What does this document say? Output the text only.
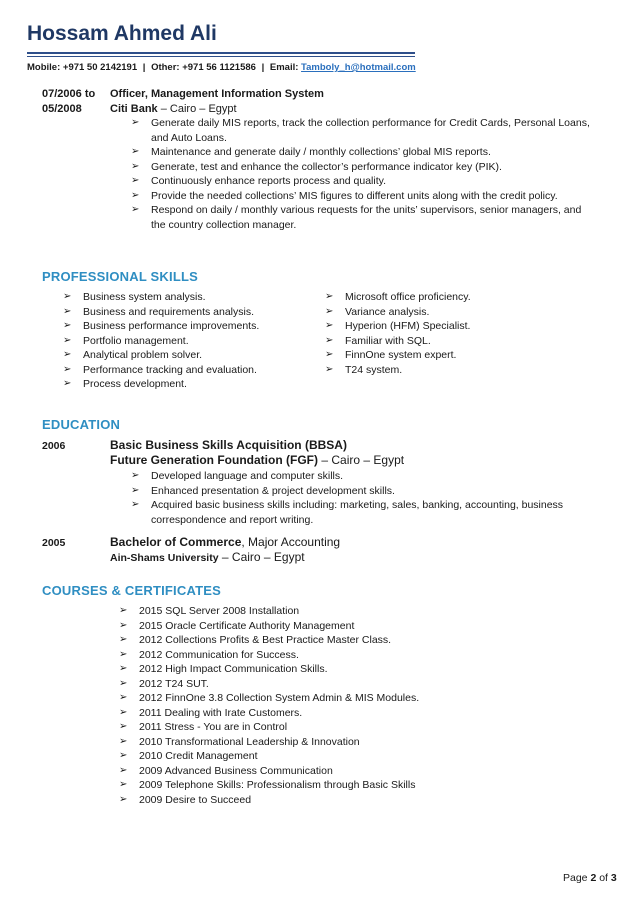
Hossam Ahmed Ali
Mobile: +971 50 2142191 | Other: +971 56 1121586 | Email: Tamboly_h@hotmail.com
07/2006 to
05/2008
Officer, Management Information System
Citi Bank – Cairo – Egypt
➢ Generate daily MIS reports, track the collection performance for Credit Cards, Personal Loans, and Auto Loans.
➢ Maintenance and generate daily / monthly collections’ global MIS reports.
➢ Generate, test and enhance the collector’s performance indicator key (PIK).
➢ Continuously enhance reports process and quality.
➢ Provide the needed collections’ MIS figures to different units along with the credit policy.
➢ Respond on daily / monthly various requests for the units’ supervisors, senior managers, and the country collection manager.
PROFESSIONAL SKILLS
➢ Business system analysis.
➢ Business and requirements analysis.
➢ Business performance improvements.
➢ Portfolio management.
➢ Analytical problem solver.
➢ Performance tracking and evaluation.
➢ Process development.
➢ Microsoft office proficiency.
➢ Variance analysis.
➢ Hyperion (HFM) Specialist.
➢ Familiar with SQL.
➢ FinnOne system expert.
➢ T24 system.
EDUCATION
2006	Basic Business Skills Acquisition (BBSA)
Future Generation Foundation (FGF) – Cairo – Egypt
➢ Developed language and computer skills.
➢ Enhanced presentation & project development skills.
➢ Acquired basic business skills including: marketing, sales, banking, accounting, business correspondence and report writing.
2005	Bachelor of Commerce, Major Accounting
Ain-Shams University – Cairo – Egypt
COURSES & CERTIFICATES
➢ 2015 SQL Server 2008 Installation
➢ 2015 Oracle Certificate Authority Management
➢ 2012 Collections Profits & Best Practice Master Class.
➢ 2012 Communication for Success.
➢ 2012 High Impact Communication Skills.
➢ 2012 T24 SUT.
➢ 2012 FinnOne 3.8 Collection System Admin & MIS Modules.
➢ 2011 Dealing with Irate Customers.
➢ 2011 Stress - You are in Control
➢ 2010 Transformational Leadership & Innovation
➢ 2010 Credit Management
➢ 2009 Advanced Business Communication
➢ 2009 Telephone Skills: Professionalism through Basic Skills
➢ 2009 Desire to Succeed
Page 2 of 3
